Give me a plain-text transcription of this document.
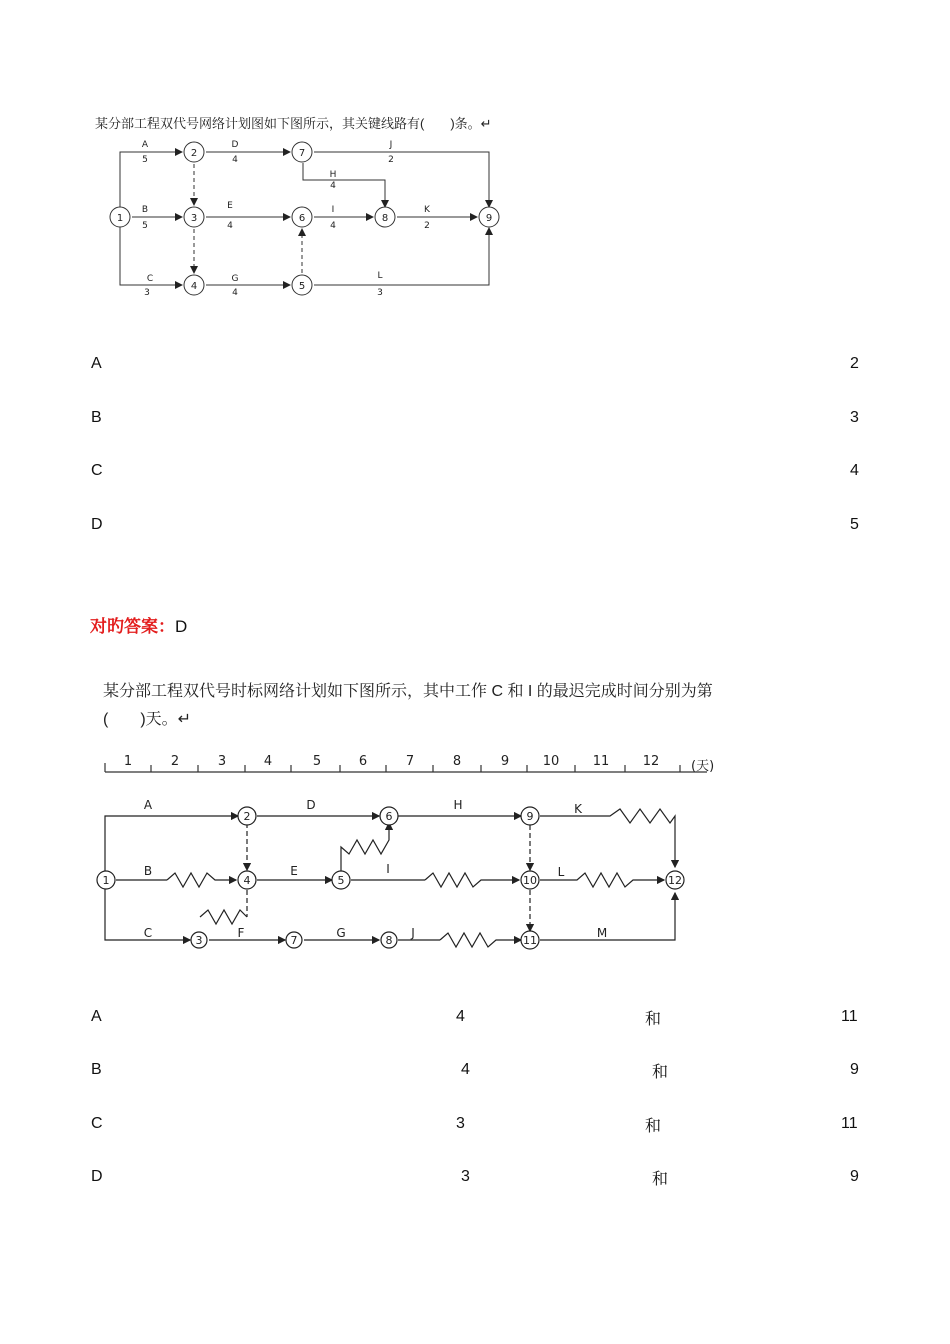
某分部工程双代号网络计划图如下图所示，其关键线路有(　　)条。↵
1
2
3
4	5
6
7
8	9
A
5
D
4
J
2
H
4
B
5
E
4
I
4
K
2
C
3
G
4
L
3
A	2
B	3
C	4
D	5
对旳答案：D
某分部工程双代号时标网络计划如下图所示，其中工作 C 和 I 的最迟完成时间分别为第
(　　)天。↵
1	2	3	4	5	6	7	8	9	10	11	12 (天)
1
2
3
4	5
6
7	8
9
10
11
12
A
B
C
D
E
F	G
H
I
J
K
L
M
A	4	和	11
B	4	和	9
C	3	和	11
D	3	和	9
